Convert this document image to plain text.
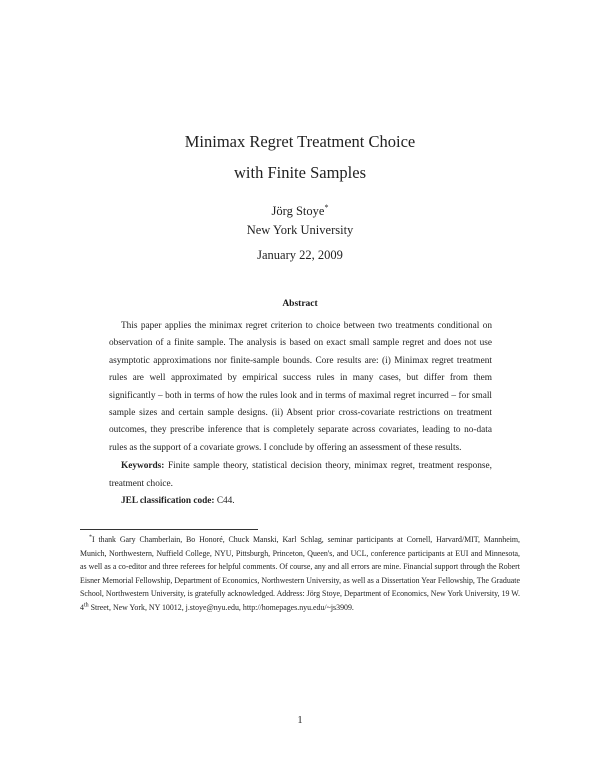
Minimax Regret Treatment Choice
with Finite Samples
Jörg Stoye*
New York University
January 22, 2009
Abstract

This paper applies the minimax regret criterion to choice between two treatments conditional on observation of a finite sample. The analysis is based on exact small sample regret and does not use asymptotic approximations nor finite-sample bounds. Core results are: (i) Minimax regret treatment rules are well approximated by empirical success rules in many cases, but differ from them significantly – both in terms of how the rules look and in terms of maximal regret incurred – for small sample sizes and certain sample designs. (ii) Absent prior cross-covariate restrictions on treatment outcomes, they prescribe inference that is completely separate across covariates, leading to no-data rules as the support of a covariate grows. I conclude by offering an assessment of these results.

Keywords: Finite sample theory, statistical decision theory, minimax regret, treatment response, treatment choice.

JEL classification code: C44.

*I thank Gary Chamberlain, Bo Honoré, Chuck Manski, Karl Schlag, seminar participants at Cornell, Harvard/MIT, Mannheim, Munich, Northwestern, Nuffield College, NYU, Pittsburgh, Princeton, Queen's, and UCL, conference participants at EUI and Minnesota, as well as a co-editor and three referees for helpful comments. Of course, any and all errors are mine. Financial support through the Robert Eisner Memorial Fellowship, Department of Economics, Northwestern University, as well as a Dissertation Year Fellowship, The Graduate School, Northwestern University, is gratefully acknowledged. Address: Jörg Stoye, Department of Economics, New York University, 19 W. 4th Street, New York, NY 10012, j.stoye@nyu.edu, http://homepages.nyu.edu/~js3909.

1
